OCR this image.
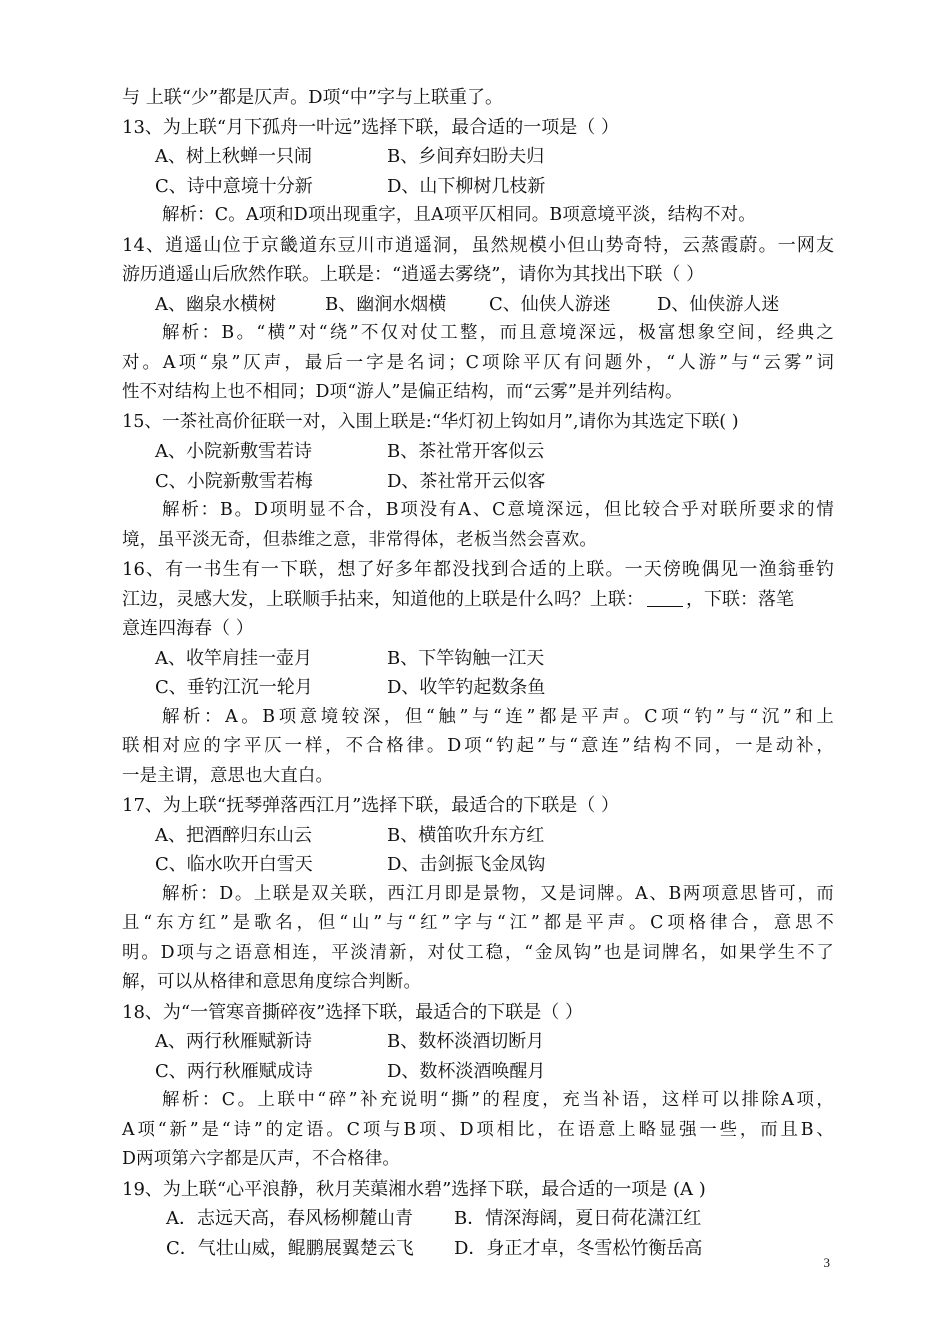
与 上联“少”都是仄声。D项“中”字与上联重了。
13、为上联“月下孤舟一叶远”选择下联，最合适的一项是（ ）
A、树上秋蝉一只闹	B、乡间弃妇盼夫归
C、诗中意境十分新	D、山下柳树几枝新
解析：C。A项和D项出现重字，且A项平仄相同。B项意境平淡，结构不对。
14、逍遥山位于京畿道东豆川市逍遥洞，虽然规模小但山势奇特，云蒸霞蔚。一网友
游历逍遥山后欣然作联。上联是：“逍遥去雾绕”，请你为其找出下联（ ）
A、幽泉水横树	B、幽涧水烟横 C、仙侠人游迷	D、仙侠游人迷
解析：B。“横”对“绕”不仅对仗工整，而且意境深远，极富想象空间，经典之
对。A项“泉”仄声，最后一字是名词；C项除平仄有问题外，“人游”与“云雾”词
性不对结构上也不相同；D项“游人”是偏正结构，而“云雾”是并列结构。
15、一茶社高价征联一对，入围上联是:“华灯初上钩如月”,请你为其选定下联( )
A、小院新敷雪若诗	B、茶社常开客似云
C、小院新敷雪若梅	D、茶社常开云似客
解析：B。D项明显不合，B项没有A、C意境深远，但比较合乎对联所要求的情
境，虽平淡无奇，但恭维之意，非常得体，老板当然会喜欢。
16、有一书生有一下联，想了好多年都没找到合适的上联。一天傍晚偶见一渔翁垂钓
江边，灵感大发，上联顺手拈来，知道他的上联是什么吗？上联： ，下联：落笔
意连四海春（ ）
A、收竿肩挂一壶月	B、下竿钩触一江天
C、垂钓江沉一轮月	D、收竿钓起数条鱼
解析：A。B项意境较深，但“触”与“连”都是平声。C项“钓”与“沉”和上
联相对应的字平仄一样，不合格律。D项“钓起”与“意连”结构不同，一是动补，
一是主谓，意思也大直白。
17、为上联“抚琴弹落西江月”选择下联，最适合的下联是（ ）
A、把酒醉归东山云	B、横笛吹升东方红
C、临水吹开白雪天	D、击剑振飞金凤钩
解析：D。上联是双关联，西江月即是景物，又是词牌。A、B两项意思皆可，而
且“东方红”是歌名，但“山”与“红”字与“江”都是平声。C项格律合，意思不
明。D项与之语意相连，平淡清新，对仗工稳，“金凤钩”也是词牌名，如果学生不了
解，可以从格律和意思角度综合判断。
18、为“一管寒音撕碎夜”选择下联，最适合的下联是（ ）
A、两行秋雁赋新诗	B、数杯淡酒切断月
C、两行秋雁赋成诗	D、数杯淡酒唤醒月
解析：C。上联中“碎”补充说明“撕”的程度，充当补语，这样可以排除A项，
A项“新”是“诗”的定语。C项与B项、D项相比，在语意上略显强一些，而且B、
D两项第六字都是仄声，不合格律。
19、为上联“心平浪静，秋月芙蕖湘水碧”选择下联，最合适的一项是 (A )
A．志远天高，春风杨柳麓山青 B．情深海阔，夏日荷花潇江红
C．气壮山威，鲲鹏展翼楚云飞 D．身正才卓，冬雪松竹衡岳高
3
